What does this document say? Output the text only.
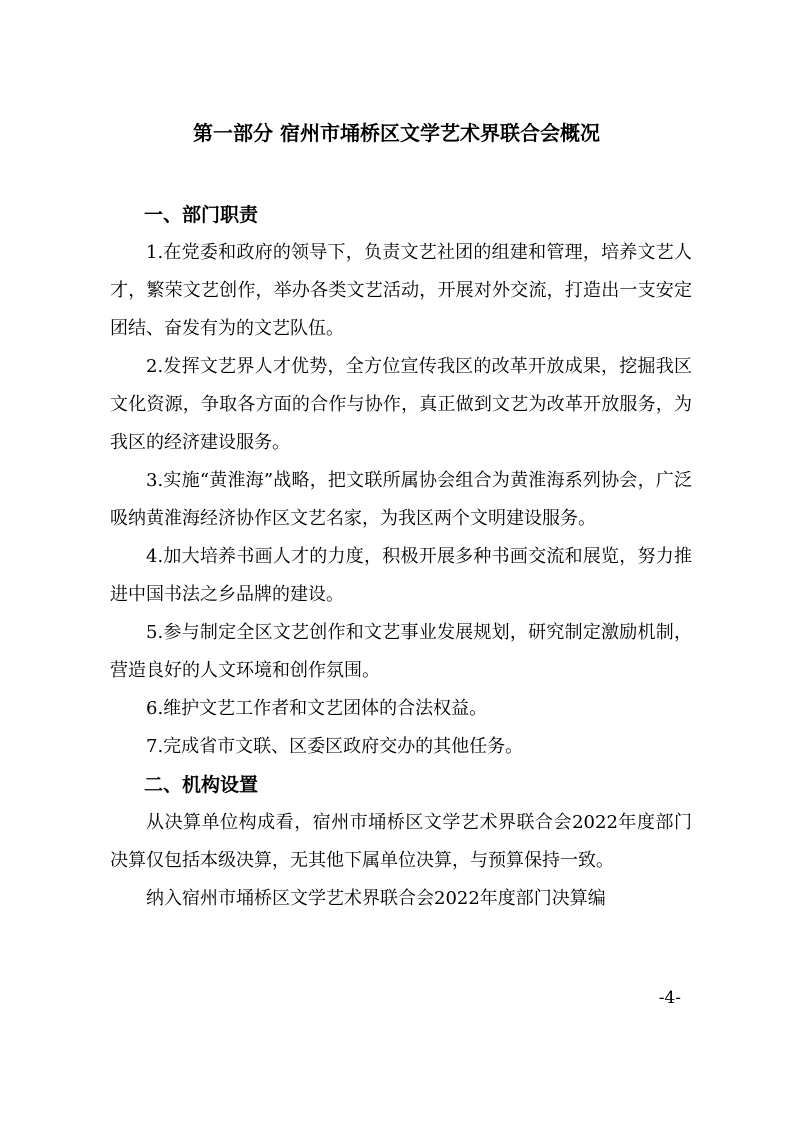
第一部分 宿州市埇桥区文学艺术界联合会概况
一、部门职责

1.在党委和政府的领导下，负责文艺社团的组建和管理，培养文艺人才，繁荣文艺创作，举办各类文艺活动，开展对外交流，打造出一支安定团结、奋发有为的文艺队伍。

2.发挥文艺界人才优势，全方位宣传我区的改革开放成果，挖掘我区文化资源，争取各方面的合作与协作，真正做到文艺为改革开放服务，为我区的经济建设服务。

3.实施“黄淮海”战略，把文联所属协会组合为黄淮海系列协会，广泛吸纳黄淮海经济协作区文艺名家，为我区两个文明建设服务。

4.加大培养书画人才的力度，积极开展多种书画交流和展览，努力推进中国书法之乡品牌的建设。

5.参与制定全区文艺创作和文艺事业发展规划，研究制定激励机制，营造良好的人文环境和创作氛围。

6.维护文艺工作者和文艺团体的合法权益。

7.完成省市文联、区委区政府交办的其他任务。

二、机构设置

从决算单位构成看，宿州市埇桥区文学艺术界联合会2022年度部门决算仅包括本级决算，无其他下属单位决算，与预算保持一致。

纳入宿州市埇桥区文学艺术界联合会2022年度部门决算编

-4-
